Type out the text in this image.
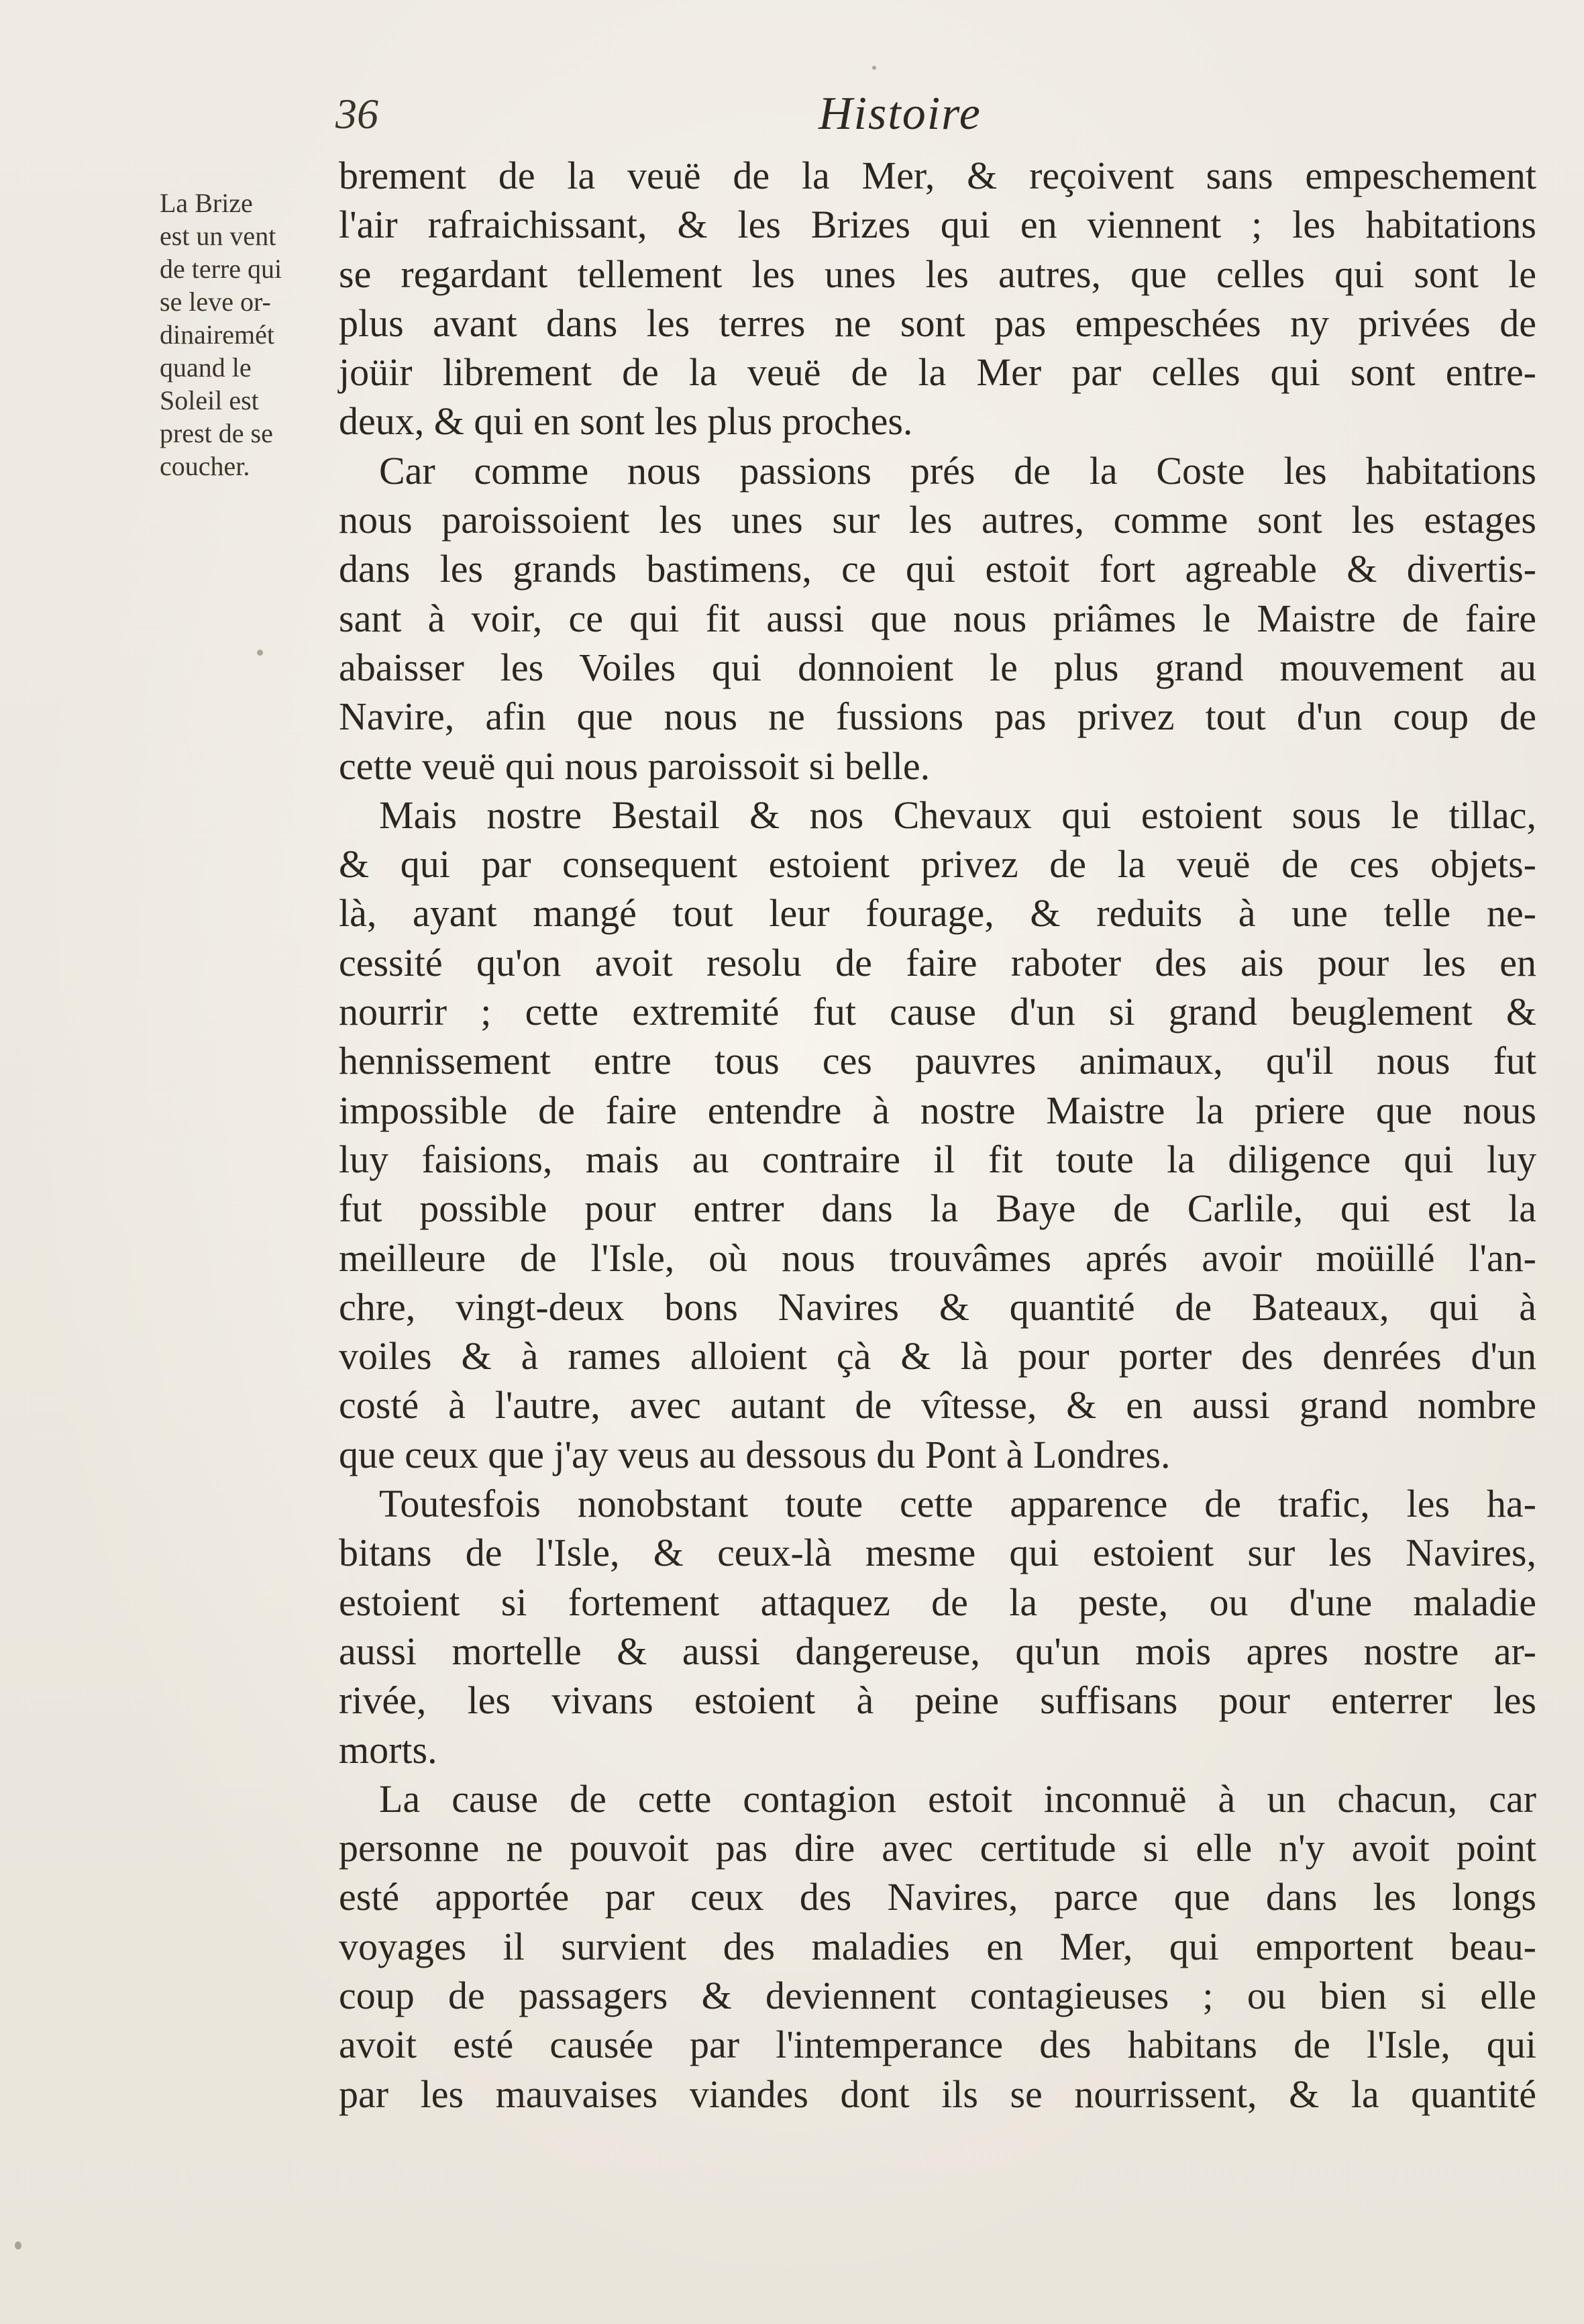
36	Histoire
La Brize
est un vent
de terre qui
se leve or-
dinairemét
quand le
Soleil est
prest de se
coucher.
brement de la veuë de la Mer, & reçoivent sans empeschement
l'air rafraichissant, & les Brizes qui en viennent ; les habitations
se regardant tellement les unes les autres, que celles qui sont le
plus avant dans les terres ne sont pas empeschées ny privées de
joüir librement de la veuë de la Mer par celles qui sont entre-
deux, & qui en sont les plus proches.
Car comme nous passions prés de la Coste les habitations
nous paroissoient les unes sur les autres, comme sont les estages
dans les grands bastimens, ce qui estoit fort agreable & divertis-
sant à voir, ce qui fit aussi que nous priâmes le Maistre de faire
abaisser les Voiles qui donnoient le plus grand mouvement au
Navire, afin que nous ne fussions pas privez tout d'un coup de
cette veuë qui nous paroissoit si belle.
Mais nostre Bestail & nos Chevaux qui estoient sous le tillac,
& qui par consequent estoient privez de la veuë de ces objets-
là, ayant mangé tout leur fourage, & reduits à une telle ne-
cessité qu'on avoit resolu de faire raboter des ais pour les en
nourrir ; cette extremité fut cause d'un si grand beuglement &
hennissement entre tous ces pauvres animaux, qu'il nous fut
impossible de faire entendre à nostre Maistre la priere que nous
luy faisions, mais au contraire il fit toute la diligence qui luy
fut possible pour entrer dans la Baye de Carlile, qui est la
meilleure de l'Isle, où nous trouvâmes aprés avoir moüillé l'an-
chre, vingt-deux bons Navires & quantité de Bateaux, qui à
voiles & à rames alloient çà & là pour porter des denrées d'un
costé à l'autre, avec autant de vîtesse, & en aussi grand nombre
que ceux que j'ay veus au dessous du Pont à Londres.
Toutesfois nonobstant toute cette apparence de trafic, les ha-
bitans de l'Isle, & ceux-là mesme qui estoient sur les Navires,
estoient si fortement attaquez de la peste, ou d'une maladie
aussi mortelle & aussi dangereuse, qu'un mois apres nostre ar-
rivée, les vivans estoient à peine suffisans pour enterrer les
morts.
La cause de cette contagion estoit inconnuë à un chacun, car
personne ne pouvoit pas dire avec certitude si elle n'y avoit point
esté apportée par ceux des Navires, parce que dans les longs
voyages il survient des maladies en Mer, qui emportent beau-
coup de passagers & deviennent contagieuses ; ou bien si elle
avoit esté causée par l'intemperance des habitans de l'Isle, qui
par les mauvaises viandes dont ils se nourrissent, & la quantité
